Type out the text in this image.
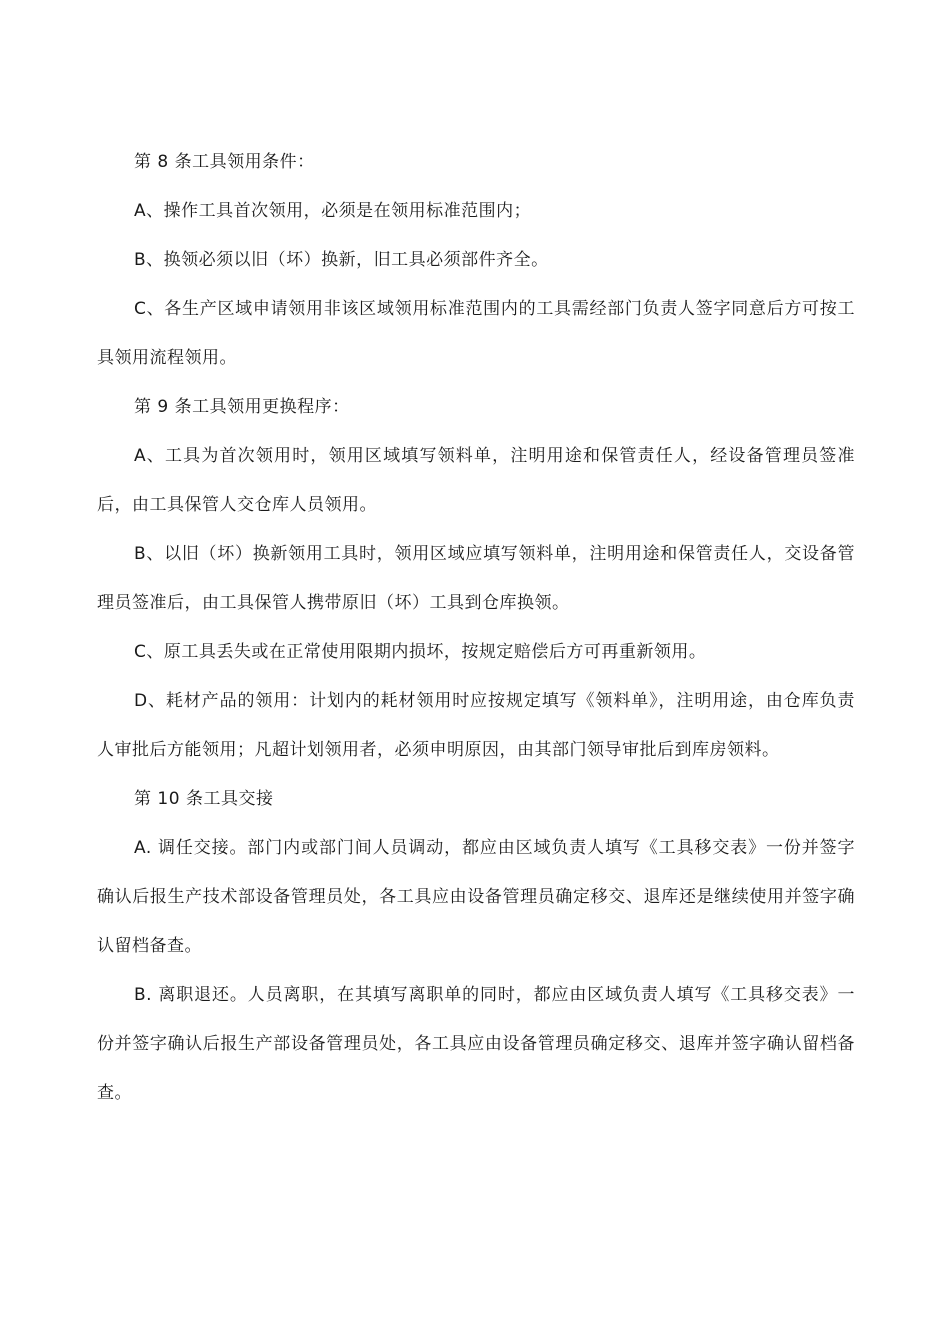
第 8 条工具领用条件：

A、操作工具首次领用，必须是在领用标准范围内；

B、换领必须以旧（坏）换新，旧工具必须部件齐全。

C、各生产区域申请领用非该区域领用标准范围内的工具需经部门负责人签字同意后方可按工具领用流程领用。

第 9 条工具领用更换程序：

A、工具为首次领用时，领用区域填写领料单，注明用途和保管责任人，经设备管理员签准后，由工具保管人交仓库人员领用。

B、以旧（坏）换新领用工具时，领用区域应填写领料单，注明用途和保管责任人，交设备管理员签准后，由工具保管人携带原旧（坏）工具到仓库换领。

C、原工具丢失或在正常使用限期内损坏，按规定赔偿后方可再重新领用。

D、耗材产品的领用：计划内的耗材领用时应按规定填写《领料单》，注明用途，由仓库负责人审批后方能领用；凡超计划领用者，必须申明原因，由其部门领导审批后到库房领料。

第 10 条工具交接

A. 调任交接。部门内或部门间人员调动，都应由区域负责人填写《工具移交表》一份并签字确认后报生产技术部设备管理员处，各工具应由设备管理员确定移交、退库还是继续使用并签字确认留档备查。

B. 离职退还。人员离职，在其填写离职单的同时，都应由区域负责人填写《工具移交表》一份并签字确认后报生产部设备管理员处，各工具应由设备管理员确定移交、退库并签字确认留档备查。
